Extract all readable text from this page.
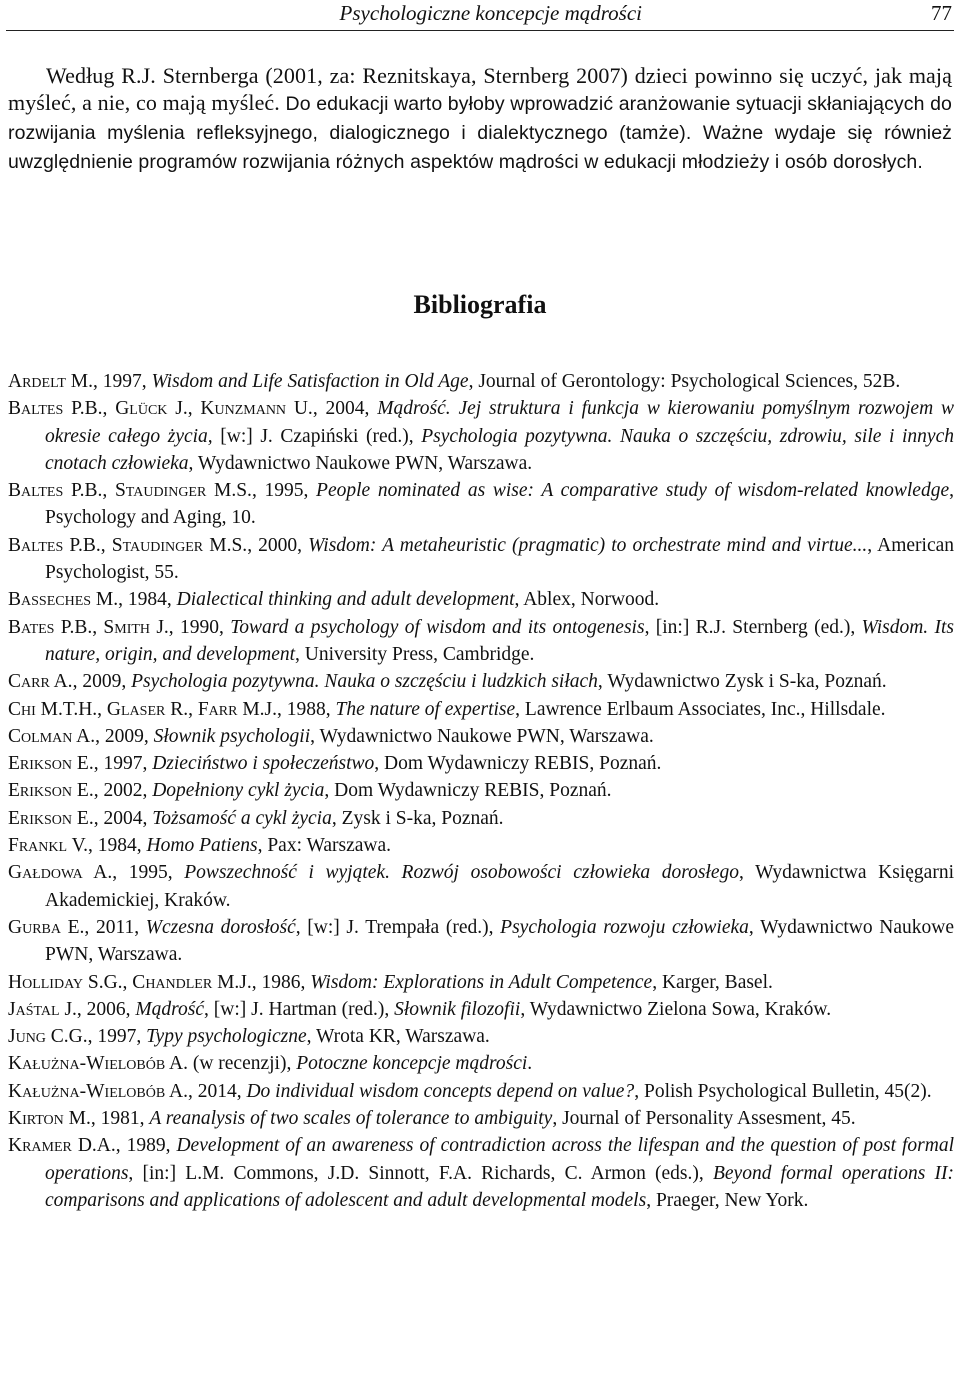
Psychologiczne koncepcje mądrości	77

Według R.J. Sternberga (2001, za: Reznitskaya, Sternberg 2007) dzieci powinno się uczyć, jak mają myśleć, a nie, co mają myśleć. Do edukacji warto byłoby wprowadzić aranżowanie sytuacji skłaniających do rozwijania myślenia refleksyjnego, dialogicznego i dialektycznego (tamże). Ważne wydaje się również uwzględnienie programów rozwijania różnych aspektów mądrości w edukacji młodzieży i osób dorosłych.

Bibliografia
Ardelt M., 1997, Wisdom and Life Satisfaction in Old Age, Journal of Gerontology: Psychological Sciences, 52B.
Baltes P.B., Glück J., Kunzmann U., 2004, Mądrość. Jej struktura i funkcja w kierowaniu pomyślnym rozwojem w okresie całego życia, [w:] J. Czapiński (red.), Psychologia pozytywna. Nauka o szczęściu, zdrowiu, sile i innych cnotach człowieka, Wydawnictwo Naukowe PWN, Warszawa.
Baltes P.B., Staudinger M.S., 1995, People nominated as wise: A comparative study of wisdom-related knowledge, Psychology and Aging, 10.
Baltes P.B., Staudinger M.S., 2000, Wisdom: A metaheuristic (pragmatic) to orchestrate mind and virtue..., American Psychologist, 55.
Basseches M., 1984, Dialectical thinking and adult development, Ablex, Norwood.
Bates P.B., Smith J., 1990, Toward a psychology of wisdom and its ontogenesis, [in:] R.J. Sternberg (ed.), Wisdom. Its nature, origin, and development, University Press, Cambridge.
Carr A., 2009, Psychologia pozytywna. Nauka o szczęściu i ludzkich siłach, Wydawnictwo Zysk i S-ka, Poznań.
Chi M.T.H., Glaser R., Farr M.J., 1988, The nature of expertise, Lawrence Erlbaum Associates, Inc., Hillsdale.
Colman A., 2009, Słownik psychologii, Wydawnictwo Naukowe PWN, Warszawa.
Erikson E., 1997, Dzieciństwo i społeczeństwo, Dom Wydawniczy REBIS, Poznań.
Erikson E., 2002, Dopełniony cykl życia, Dom Wydawniczy REBIS, Poznań.
Erikson E., 2004, Tożsamość a cykl życia, Zysk i S-ka, Poznań.
Frankl V., 1984, Homo Patiens, Pax: Warszawa.
Gałdowa A., 1995, Powszechność i wyjątek. Rozwój osobowości człowieka dorosłego, Wydawnictwa Księgarni Akademickiej, Kraków.
Gurba E., 2011, Wczesna dorosłość, [w:] J. Trempała (red.), Psychologia rozwoju człowieka, Wydawnictwo Naukowe PWN, Warszawa.
Holliday S.G., Chandler M.J., 1986, Wisdom: Explorations in Adult Competence, Karger, Basel.
Jaśtal J., 2006, Mądrość, [w:] J. Hartman (red.), Słownik filozofii, Wydawnictwo Zielona Sowa, Kraków.
Jung C.G., 1997, Typy psychologiczne, Wrota KR, Warszawa.
Kałużna-Wielobób A. (w recenzji), Potoczne koncepcje mądrości.
Kałużna-Wielobób A., 2014, Do individual wisdom concepts depend on value?, Polish Psychological Bulletin, 45(2).
Kirton M., 1981, A reanalysis of two scales of tolerance to ambiguity, Journal of Personality Assesment, 45.
Kramer D.A., 1989, Development of an awareness of contradiction across the lifespan and the question of post formal operations, [in:] L.M. Commons, J.D. Sinnott, F.A. Richards, C. Armon (eds.), Beyond formal operations II: comparisons and applications of adolescent and adult developmental models, Praeger, New York.
